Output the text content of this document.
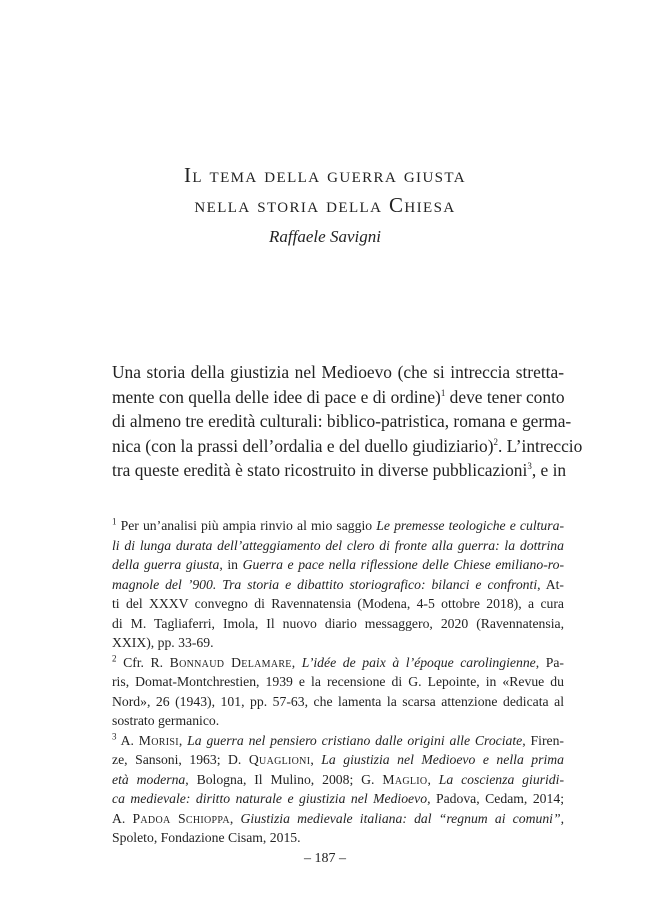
Il tema della guerra giusta
nella storia della Chiesa
Raffaele Savigni
Una storia della giustizia nel Medioevo (che si intreccia stretta-
mente con quella delle idee di pace e di ordine)$^1$ deve tener conto
di almeno tre eredità culturali: biblico-patristica, romana e germa-
nica (con la prassi dell’ordalia e del duello giudiziario)$^2$. L’intreccio
tra queste eredità è stato ricostruito in diverse pubblicazioni$^3$, e in
$^1$ Per un’analisi più ampia rinvio al mio saggio Le premesse teologiche e cultura-
li di lunga durata dell’atteggiamento del clero di fronte alla guerra: la dottrina
della guerra giusta, in Guerra e pace nella riflessione delle Chiese emiliano-ro-
magnole del ’900. Tra storia e dibattito storiografico: bilanci e confronti, At-
ti del XXXV convegno di Ravennatensia (Modena, 4-5 ottobre 2018), a cura
di M. Tagliaferri, Imola, Il nuovo diario messaggero, 2020 (Ravennatensia,
XXIX), pp. 33-69.
$^2$ Cfr. R. Bonnaud Delamare, L’idée de paix à l’époque carolingienne, Pa-
ris, Domat-Montchrestien, 1939 e la recensione di G. Lepointe, in «Revue du
Nord», 26 (1943), 101, pp. 57-63, che lamenta la scarsa attenzione dedicata al
sostrato germanico.
$^3$ A. Morisi, La guerra nel pensiero cristiano dalle origini alle Crociate, Firen-
ze, Sansoni, 1963; D. Quaglioni, La giustizia nel Medioevo e nella prima
età moderna, Bologna, Il Mulino, 2008; G. Maglio, La coscienza giuridi-
ca medievale: diritto naturale e giustizia nel Medioevo, Padova, Cedam, 2014;
A. Padoa Schioppa, Giustizia medievale italiana: dal “regnum ai comuni”,
Spoleto, Fondazione Cisam, 2015.
– 187 –
